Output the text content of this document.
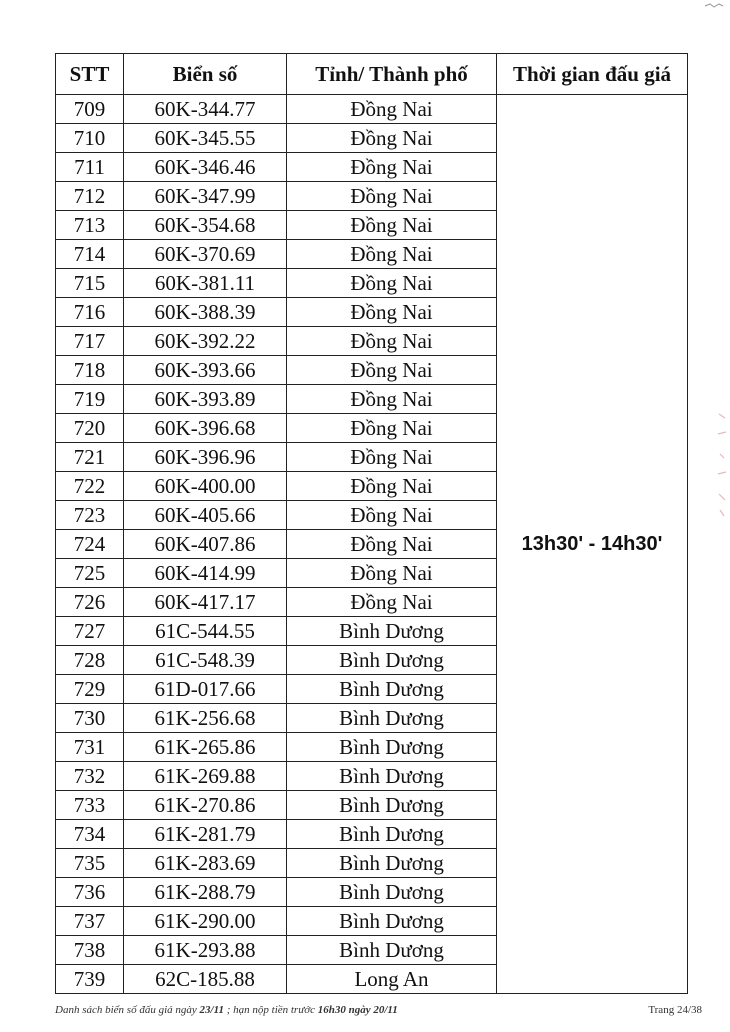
STT	Biển số	Tỉnh/ Thành phố	Thời gian đấu giá
709	60K-344.77	Đồng Nai	13h30' - 14h30'
710	60K-345.55	Đồng Nai	
711	60K-346.46	Đồng Nai	
712	60K-347.99	Đồng Nai	
713	60K-354.68	Đồng Nai	
714	60K-370.69	Đồng Nai	
715	60K-381.11	Đồng Nai	
716	60K-388.39	Đồng Nai	
717	60K-392.22	Đồng Nai	
718	60K-393.66	Đồng Nai	
719	60K-393.89	Đồng Nai	
720	60K-396.68	Đồng Nai	
721	60K-396.96	Đồng Nai	
722	60K-400.00	Đồng Nai	
723	60K-405.66	Đồng Nai	
724	60K-407.86	Đồng Nai	
725	60K-414.99	Đồng Nai	
726	60K-417.17	Đồng Nai	
727	61C-544.55	Bình Dương	
728	61C-548.39	Bình Dương	
729	61D-017.66	Bình Dương	
730	61K-256.68	Bình Dương	
731	61K-265.86	Bình Dương	
732	61K-269.88	Bình Dương	
733	61K-270.86	Bình Dương	
734	61K-281.79	Bình Dương	
735	61K-283.69	Bình Dương	
736	61K-288.79	Bình Dương	
737	61K-290.00	Bình Dương	
738	61K-293.88	Bình Dương	
739	62C-185.88	Long An	
Danh sách biển số đấu giá ngày 23/11 ; hạn nộp tiền trước 16h30 ngày 20/11	Trang 24/38
